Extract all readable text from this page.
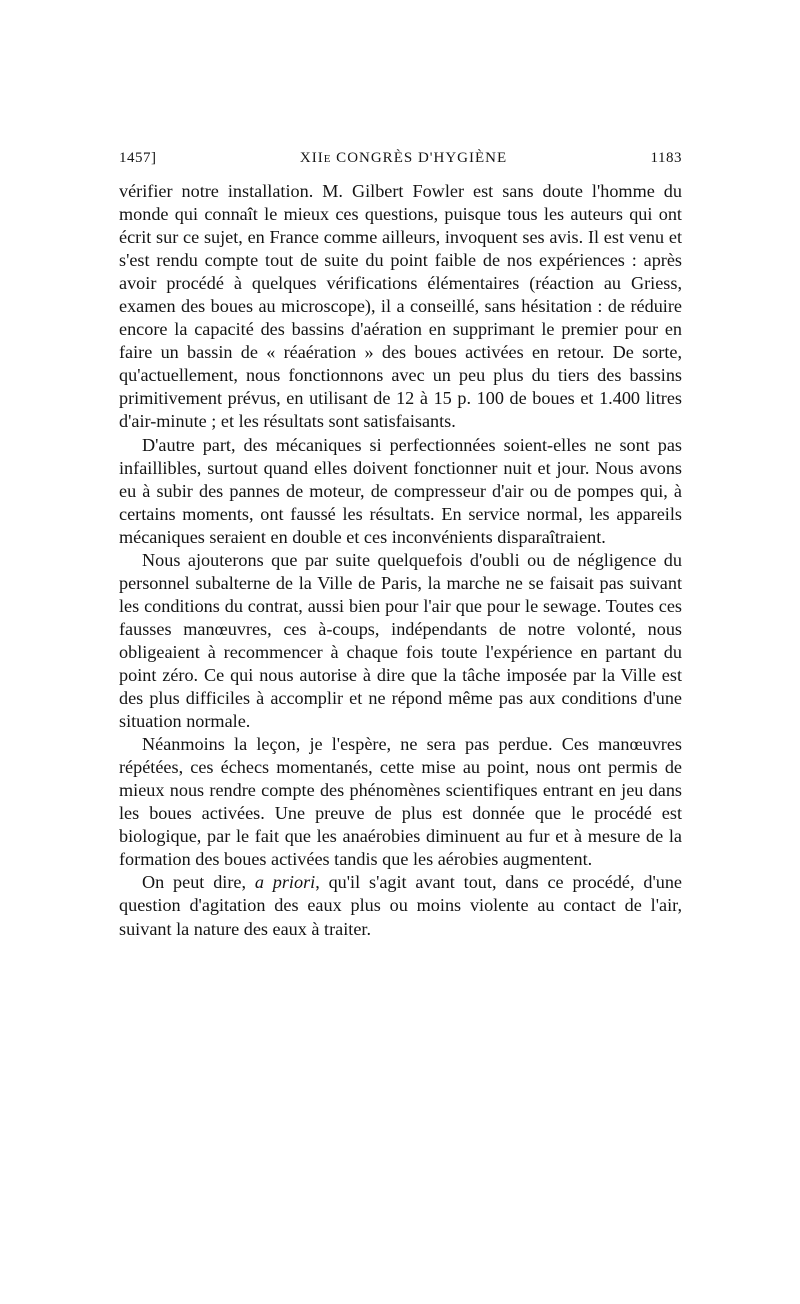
1457]	XIIe CONGRÈS D'HYGIÈNE	1183

vérifier notre installation. M. Gilbert Fowler est sans doute l'homme du monde qui connaît le mieux ces questions, puisque tous les auteurs qui ont écrit sur ce sujet, en France comme ailleurs, invoquent ses avis. Il est venu et s'est rendu compte tout de suite du point faible de nos expériences : après avoir procédé à quelques vérifications élémentaires (réaction au Griess, examen des boues au microscope), il a conseillé, sans hésitation : de réduire encore la capacité des bassins d'aération en supprimant le premier pour en faire un bassin de « réaération » des boues activées en retour. De sorte, qu'actuellement, nous fonctionnons avec un peu plus du tiers des bassins primitivement prévus, en utilisant de 12 à 15 p. 100 de boues et 1.400 litres d'air-minute ; et les résultats sont satisfaisants.

D'autre part, des mécaniques si perfectionnées soient-elles ne sont pas infaillibles, surtout quand elles doivent fonctionner nuit et jour. Nous avons eu à subir des pannes de moteur, de compresseur d'air ou de pompes qui, à certains moments, ont faussé les résultats. En service normal, les appareils mécaniques seraient en double et ces inconvénients disparaîtraient.

Nous ajouterons que par suite quelquefois d'oubli ou de négligence du personnel subalterne de la Ville de Paris, la marche ne se faisait pas suivant les conditions du contrat, aussi bien pour l'air que pour le sewage. Toutes ces fausses manœuvres, ces à-coups, indépendants de notre volonté, nous obligeaient à recommencer à chaque fois toute l'expérience en partant du point zéro. Ce qui nous autorise à dire que la tâche imposée par la Ville est des plus difficiles à accomplir et ne répond même pas aux conditions d'une situation normale.

Néanmoins la leçon, je l'espère, ne sera pas perdue. Ces manœuvres répétées, ces échecs momentanés, cette mise au point, nous ont permis de mieux nous rendre compte des phénomènes scientifiques entrant en jeu dans les boues activées. Une preuve de plus est donnée que le procédé est biologique, par le fait que les anaérobies diminuent au fur et à mesure de la formation des boues activées tandis que les aérobies augmentent.

On peut dire, a priori, qu'il s'agit avant tout, dans ce procédé, d'une question d'agitation des eaux plus ou moins violente au contact de l'air, suivant la nature des eaux à traiter.
